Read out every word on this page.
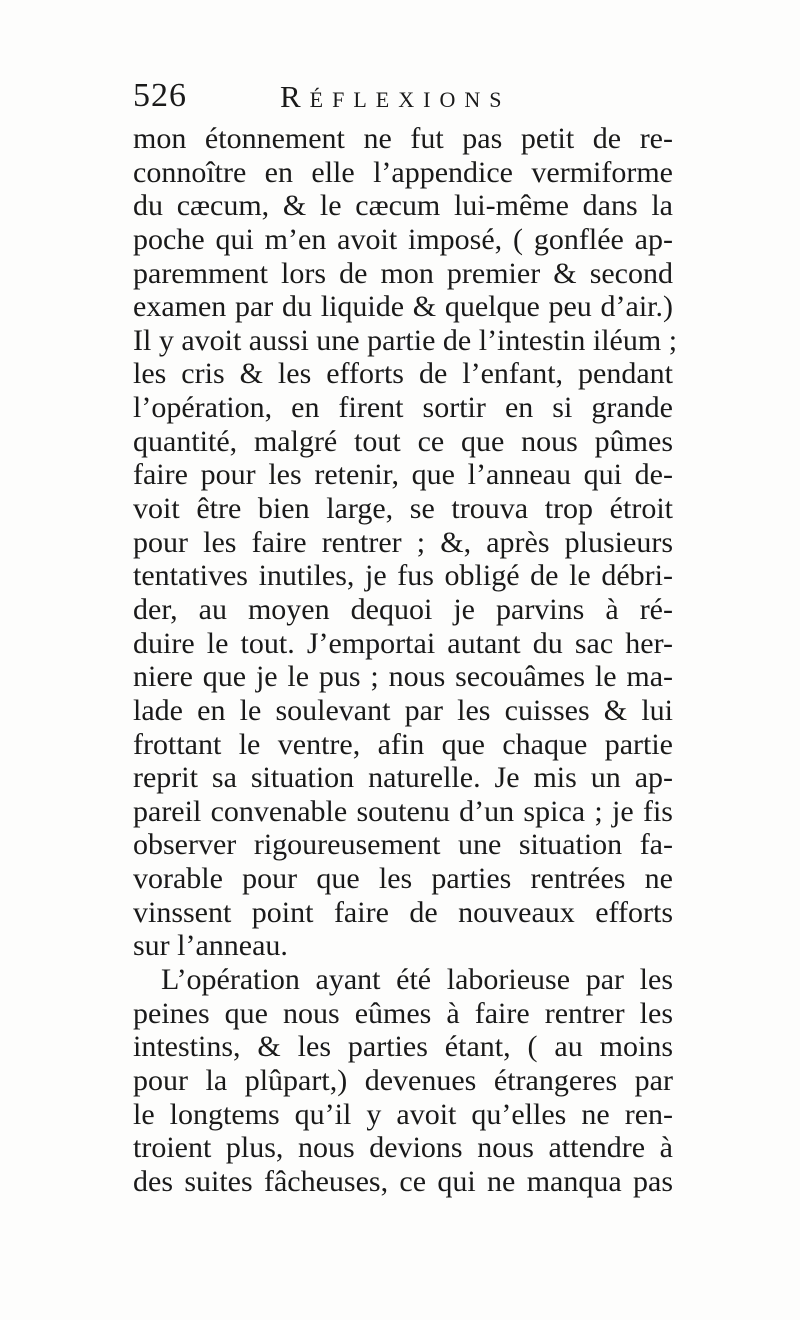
526	Réflexions
mon étonnement ne fut pas petit de re-
connoître en elle l’appendice vermiforme
du cæcum, & le cæcum lui-même dans la
poche qui m’en avoit imposé, ( gonflée ap-
paremment lors de mon premier & second
examen par du liquide & quelque peu d’air.)
Il y avoit aussi une partie de l’intestin iléum ;
les cris & les efforts de l’enfant, pendant
l’opération, en firent sortir en si grande
quantité, malgré tout ce que nous pûmes
faire pour les retenir, que l’anneau qui de-
voit être bien large, se trouva trop étroit
pour les faire rentrer ; &, après plusieurs
tentatives inutiles, je fus obligé de le débri-
der, au moyen dequoi je parvins à ré-
duire le tout. J’emportai autant du sac her-
niere que je le pus ; nous secouâmes le ma-
lade en le soulevant par les cuisses & lui
frottant le ventre, afin que chaque partie
reprit sa situation naturelle. Je mis un ap-
pareil convenable soutenu d’un spica ; je fis
observer rigoureusement une situation fa-
vorable pour que les parties rentrées ne
vinssent point faire de nouveaux efforts
sur l’anneau.
L’opération ayant été laborieuse par les
peines que nous eûmes à faire rentrer les
intestins, & les parties étant, ( au moins
pour la plûpart,) devenues étrangeres par
le longtems qu’il y avoit qu’elles ne ren-
troient plus, nous devions nous attendre à
des suites fâcheuses, ce qui ne manqua pas
